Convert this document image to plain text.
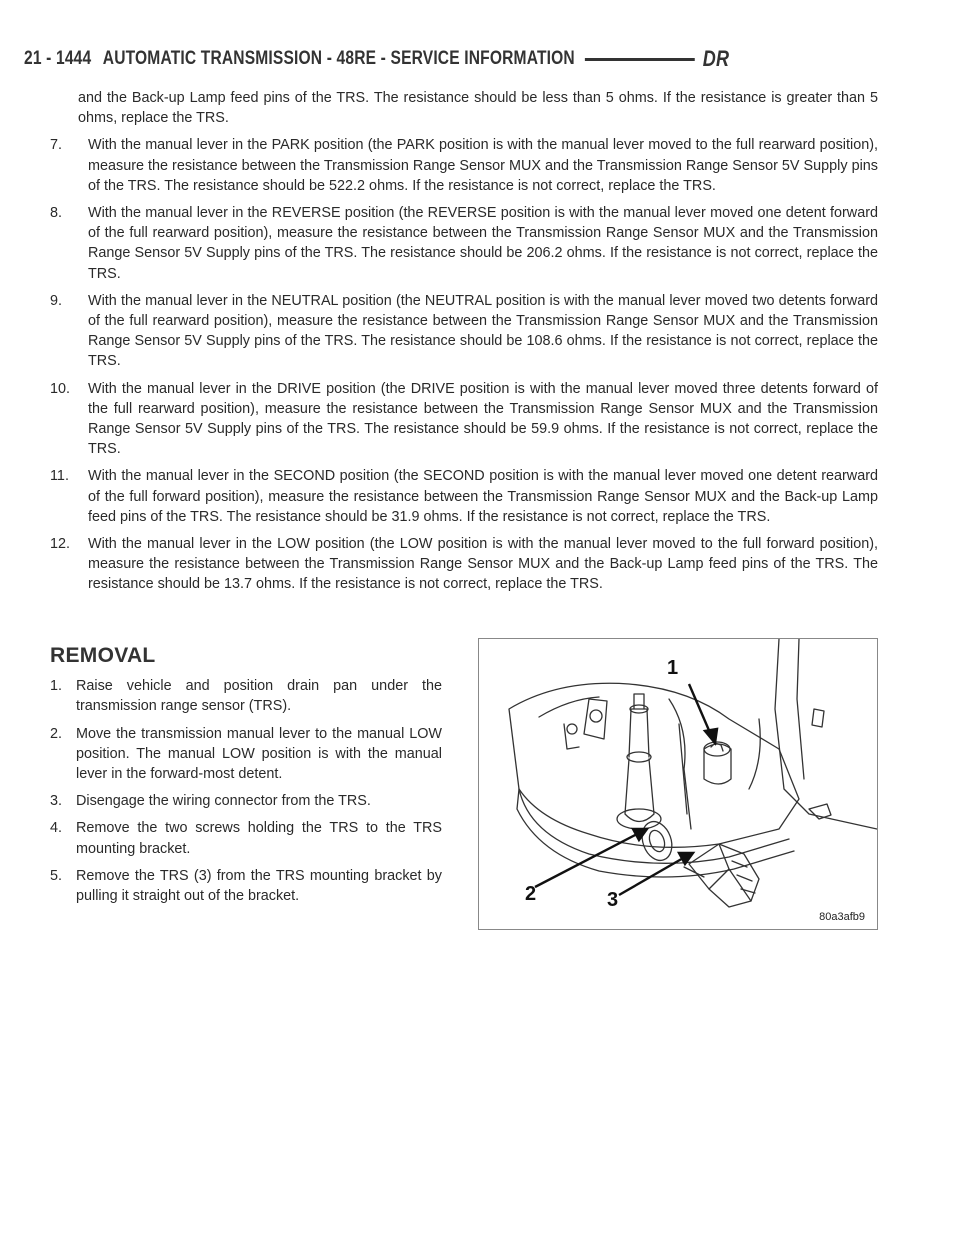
21 - 1444 AUTOMATIC TRANSMISSION - 48RE - SERVICE INFORMATION	DR

and the Back-up Lamp feed pins of the TRS. The resistance should be less than 5 ohms. If the resistance is greater than 5 ohms, replace the TRS.

7. With the manual lever in the PARK position (the PARK position is with the manual lever moved to the full rearward position), measure the resistance between the Transmission Range Sensor MUX and the Transmission Range Sensor 5V Supply pins of the TRS. The resistance should be 522.2 ohms. If the resistance is not correct, replace the TRS.

8. With the manual lever in the REVERSE position (the REVERSE position is with the manual lever moved one detent forward of the full rearward position), measure the resistance between the Transmission Range Sensor MUX and the Transmission Range Sensor 5V Supply pins of the TRS. The resistance should be 206.2 ohms. If the resistance is not correct, replace the TRS.

9. With the manual lever in the NEUTRAL position (the NEUTRAL position is with the manual lever moved two detents forward of the full rearward position), measure the resistance between the Transmission Range Sensor MUX and the Transmission Range Sensor 5V Supply pins of the TRS. The resistance should be 108.6 ohms. If the resistance is not correct, replace the TRS.

10. With the manual lever in the DRIVE position (the DRIVE position is with the manual lever moved three detents forward of the full rearward position), measure the resistance between the Transmission Range Sensor MUX and the Transmission Range Sensor 5V Supply pins of the TRS. The resistance should be 59.9 ohms. If the resistance is not correct, replace the TRS.

11. With the manual lever in the SECOND position (the SECOND position is with the manual lever moved one detent rearward of the full forward position), measure the resistance between the Transmission Range Sensor MUX and the Back-up Lamp feed pins of the TRS. The resistance should be 31.9 ohms. If the resistance is not correct, replace the TRS.

12. With the manual lever in the LOW position (the LOW position is with the manual lever moved to the full forward position), measure the resistance between the Transmission Range Sensor MUX and the Back-up Lamp feed pins of the TRS. The resistance should be 13.7 ohms. If the resistance is not correct, replace the TRS.

REMOVAL

1. Raise vehicle and position drain pan under the transmission range sensor (TRS).

2. Move the transmission manual lever to the manual LOW position. The manual LOW position is with the manual lever in the forward-most detent.

3. Disengage the wiring connector from the TRS.

4. Remove the two screws holding the TRS to the TRS mounting bracket.

5. Remove the TRS (3) from the TRS mounting bracket by pulling it straight out of the bracket.

1
2	3
80a3afb9
